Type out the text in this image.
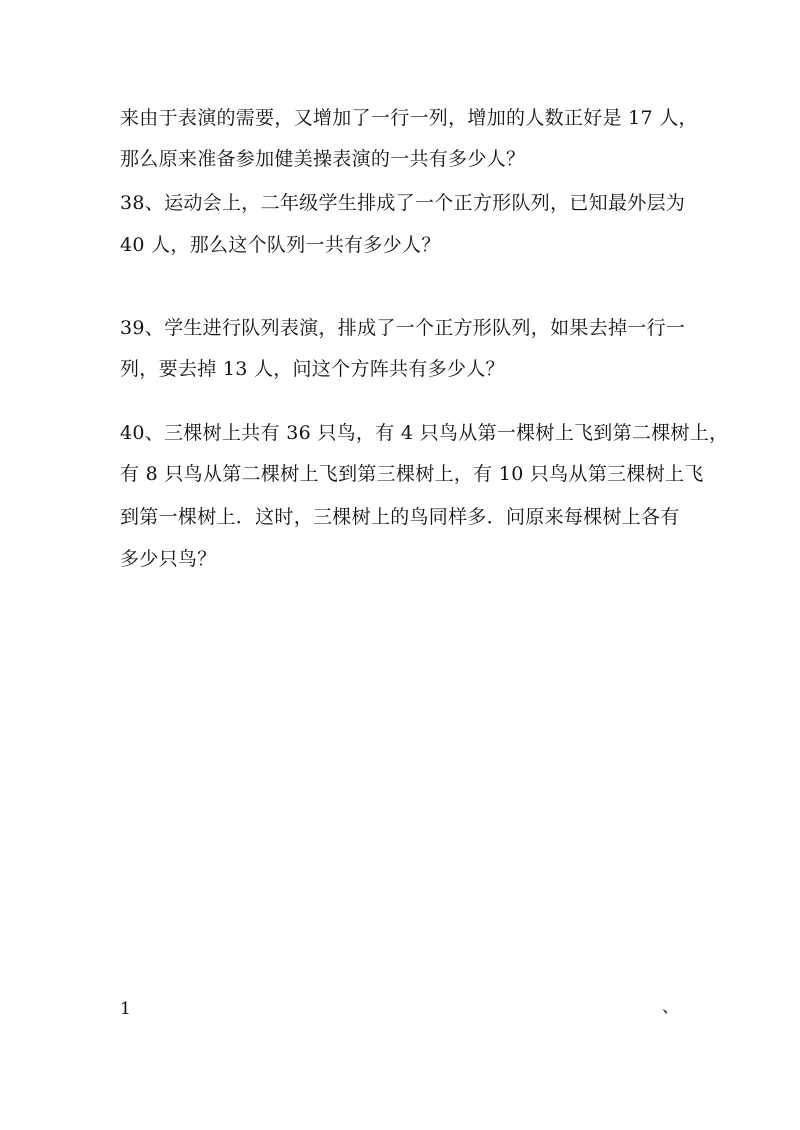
来由于表演的需要，又增加了一行一列，增加的人数正好是 17 人，
那么原来准备参加健美操表演的一共有多少人？
38、运动会上，二年级学生排成了一个正方形队列，已知最外层为
40 人，那么这个队列一共有多少人？
39、学生进行队列表演，排成了一个正方形队列，如果去掉一行一
列，要去掉 13 人，问这个方阵共有多少人？
40、三棵树上共有 36 只鸟，有 4 只鸟从第一棵树上飞到第二棵树上，
有 8 只鸟从第二棵树上飞到第三棵树上，有 10 只鸟从第三棵树上飞
到第一棵树上．这时，三棵树上的鸟同样多．问原来每棵树上各有
多少只鸟？
1	、
